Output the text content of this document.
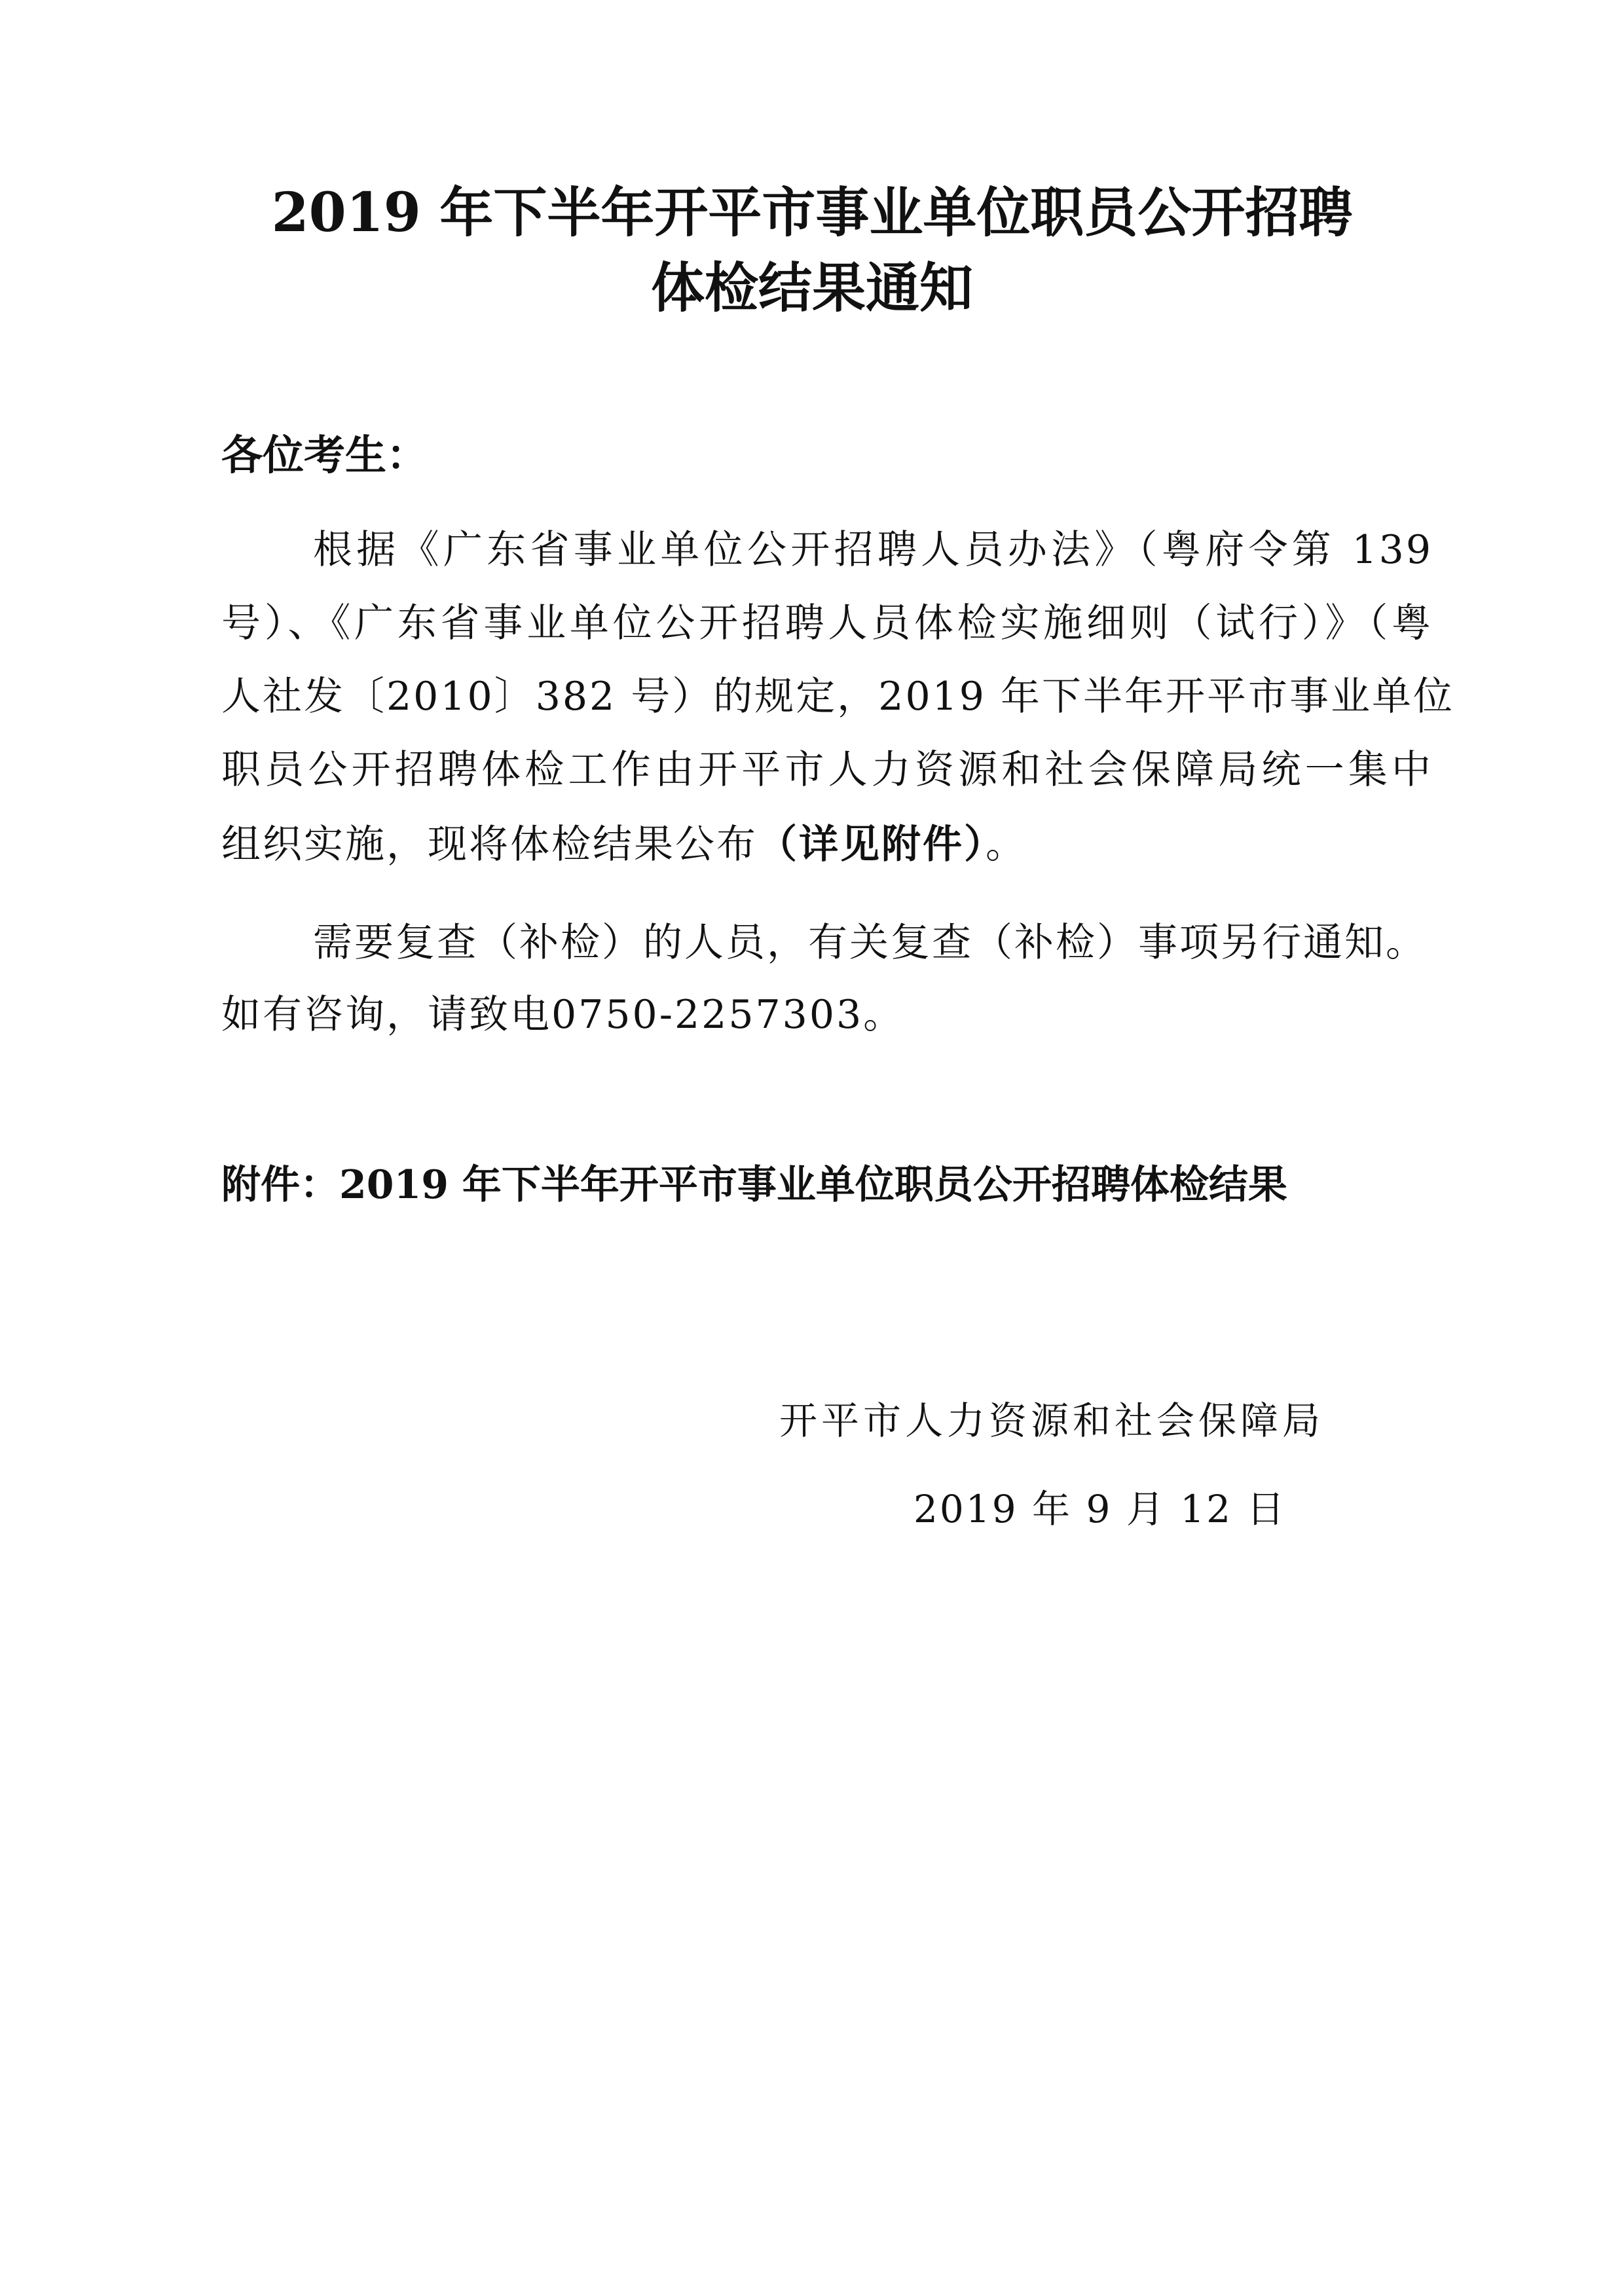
2019 年下半年开平市事业单位职员公开招聘
体检结果通知
各位考生：
根据《广东省事业单位公开招聘人员办法》（粤府令第 139
号）、《广东省事业单位公开招聘人员体检实施细则（试行）》（粤
人社发〔2010〕382 号）的规定，2019 年下半年开平市事业单位
职员公开招聘体检工作由开平市人力资源和社会保障局统一集中
组织实施，现将体检结果公布（详见附件）。
需要复查（补检）的人员，有关复查（补检）事项另行通知。
如有咨询，请致电0750-2257303。
附件：2019 年下半年开平市事业单位职员公开招聘体检结果
开平市人力资源和社会保障局
2019 年 9 月 12 日
